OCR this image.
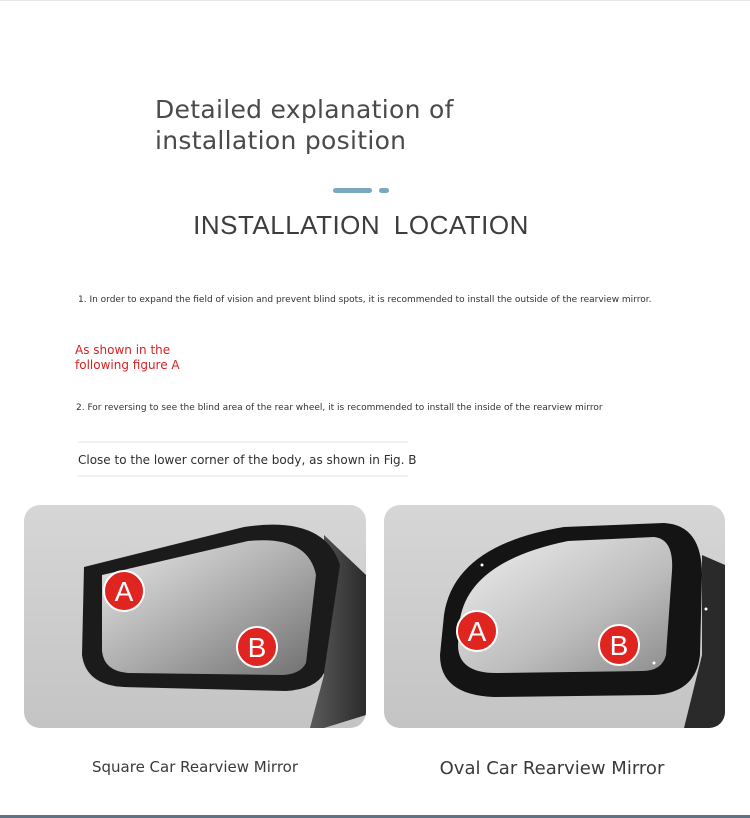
Detailed explanation of
installation position
INSTALLATION LOCATION
1. In order to expand the field of vision and prevent blind spots, it is recommended to install the outside of the rearview mirror.
As shown in the
following figure A
2. For reversing to see the blind area of the rear wheel, it is recommended to install the inside of the rearview mirror
Close to the lower corner of the body, as shown in Fig. B
A
B
A	B
Square Car Rearview Mirror	Oval Car Rearview Mirror
